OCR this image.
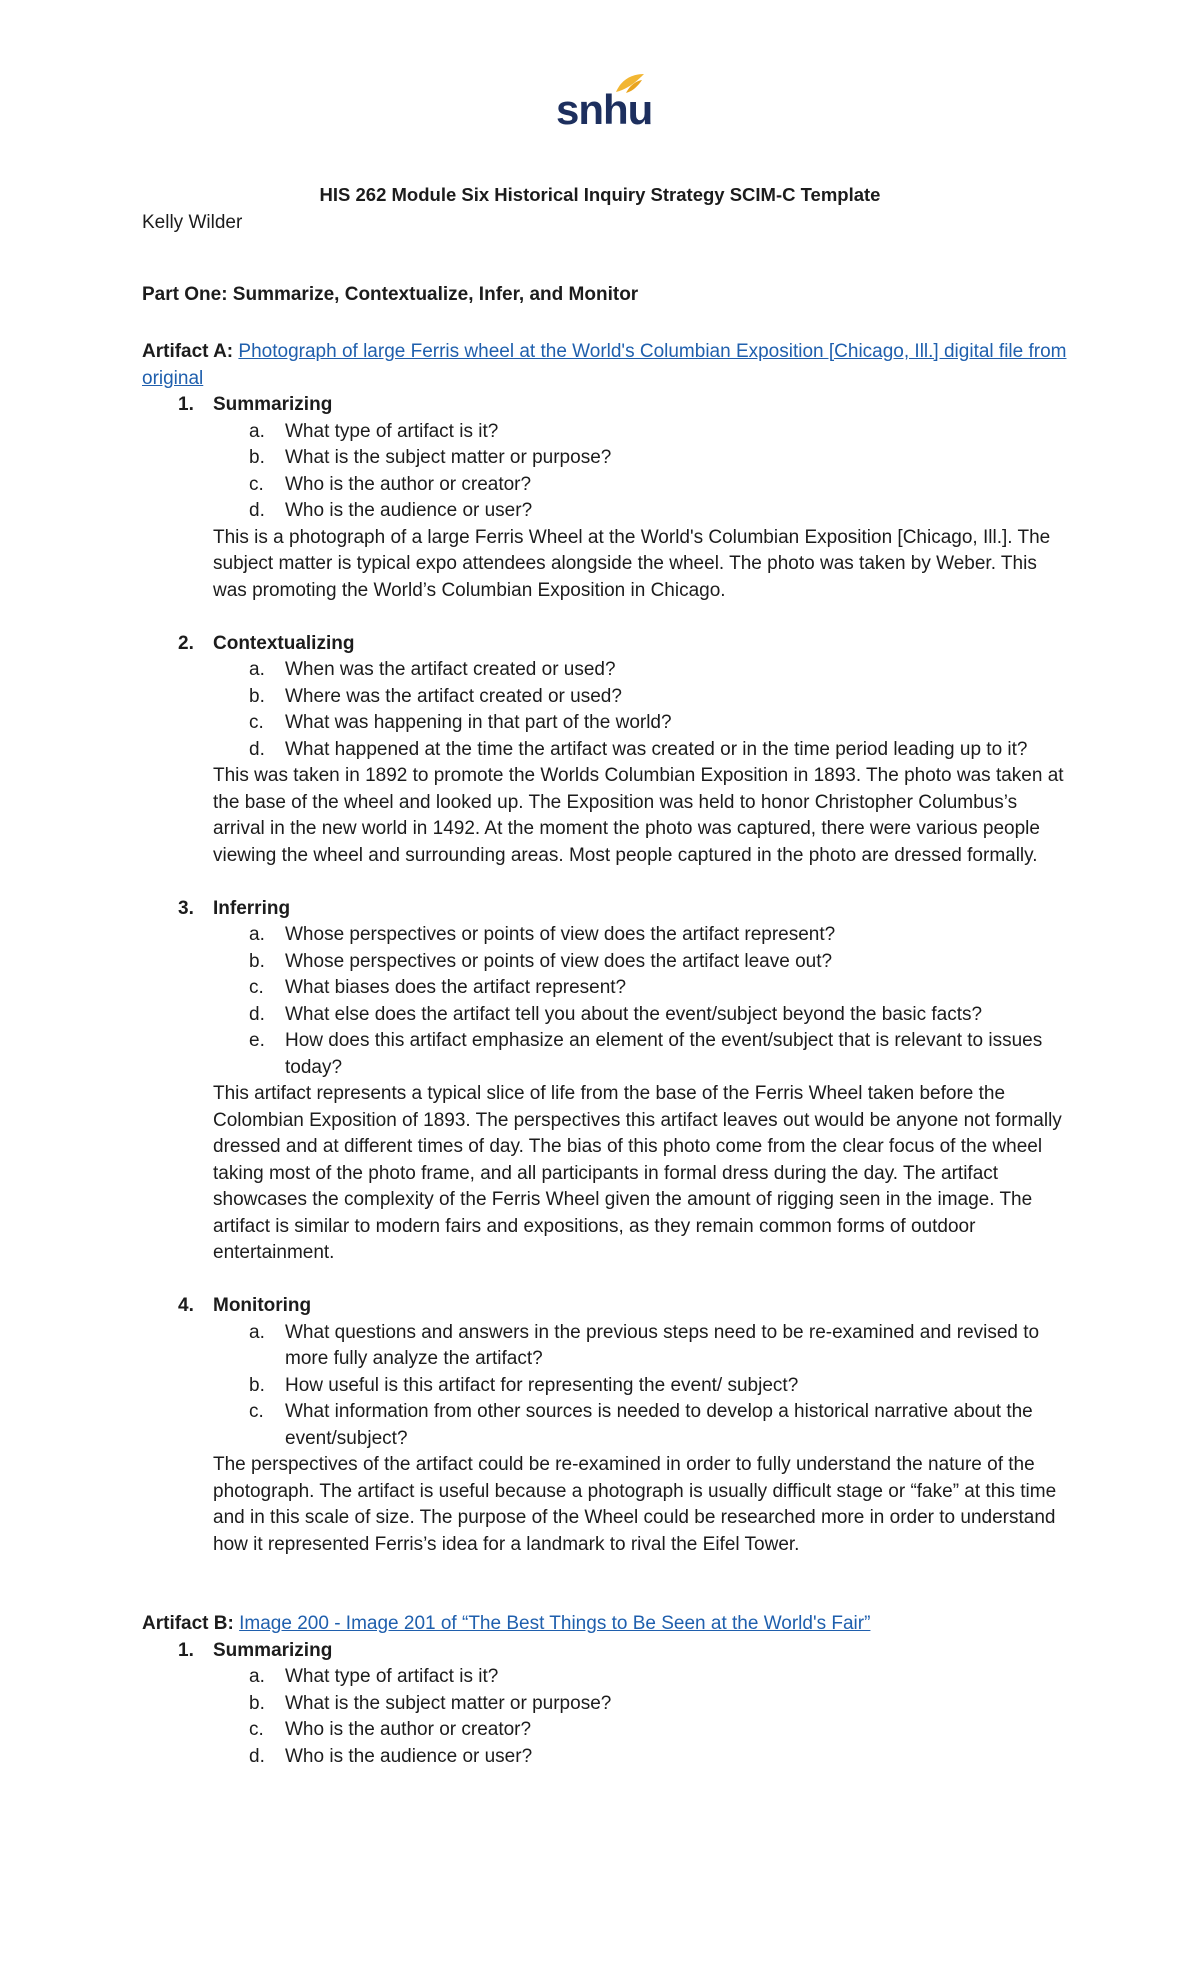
snhu
HIS 262 Module Six Historical Inquiry Strategy SCIM-C Template
Kelly Wilder
Part One: Summarize, Contextualize, Infer, and Monitor
Artifact A: Photograph of large Ferris wheel at the World's Columbian Exposition [Chicago, Ill.] digital file from original
1. Summarizing
a. What type of artifact is it?
b. What is the subject matter or purpose?
c. Who is the author or creator?
d. Who is the audience or user?
This is a photograph of a large Ferris Wheel at the World's Columbian Exposition [Chicago, Ill.]. The subject matter is typical expo attendees alongside the wheel. The photo was taken by Weber. This was promoting the World’s Columbian Exposition in Chicago.
2. Contextualizing
a. When was the artifact created or used?
b. Where was the artifact created or used?
c. What was happening in that part of the world?
d. What happened at the time the artifact was created or in the time period leading up to it?
This was taken in 1892 to promote the Worlds Columbian Exposition in 1893. The photo was taken at the base of the wheel and looked up. The Exposition was held to honor Christopher Columbus’s arrival in the new world in 1492. At the moment the photo was captured, there were various people viewing the wheel and surrounding areas. Most people captured in the photo are dressed formally.
3. Inferring
a. Whose perspectives or points of view does the artifact represent?
b. Whose perspectives or points of view does the artifact leave out?
c. What biases does the artifact represent?
d. What else does the artifact tell you about the event/subject beyond the basic facts?
e. How does this artifact emphasize an element of the event/subject that is relevant to issues today?
This artifact represents a typical slice of life from the base of the Ferris Wheel taken before the Colombian Exposition of 1893. The perspectives this artifact leaves out would be anyone not formally dressed and at different times of day. The bias of this photo come from the clear focus of the wheel taking most of the photo frame, and all participants in formal dress during the day. The artifact showcases the complexity of the Ferris Wheel given the amount of rigging seen in the image. The artifact is similar to modern fairs and expositions, as they remain common forms of outdoor entertainment.
4. Monitoring
a. What questions and answers in the previous steps need to be re-examined and revised to more fully analyze the artifact?
b. How useful is this artifact for representing the event/ subject?
c. What information from other sources is needed to develop a historical narrative about the event/subject?
The perspectives of the artifact could be re-examined in order to fully understand the nature of the photograph. The artifact is useful because a photograph is usually difficult stage or “fake” at this time and in this scale of size. The purpose of the Wheel could be researched more in order to understand how it represented Ferris’s idea for a landmark to rival the Eifel Tower.
Artifact B: Image 200 - Image 201 of “The Best Things to Be Seen at the World's Fair”
1. Summarizing
a. What type of artifact is it?
b. What is the subject matter or purpose?
c. Who is the author or creator?
d. Who is the audience or user?
